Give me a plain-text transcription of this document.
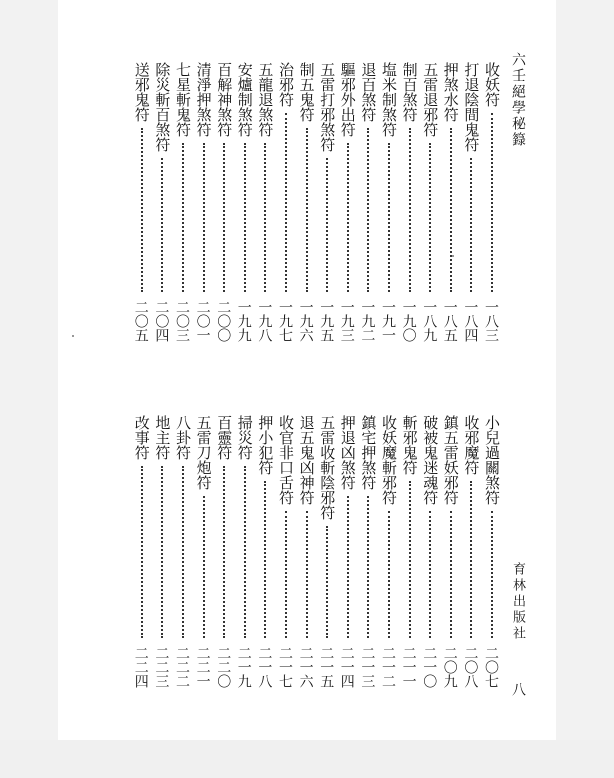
六壬絕學秘籙
收妖符
一八三
打退陰間鬼符
一八四
押煞水符
一八五
五雷退邪符
一八九
制百煞符
一九〇
塩米制煞符
一九一
退百煞符
一九二
驅邪外出符
一九三
五雷打邪煞符
一九五
制五鬼符
一九六
治邪符
一九七
五龍退煞符
一九八
安爐制煞符
一九九
百解神煞符
二〇〇
清淨押煞符
二〇一
七星斬鬼符
二〇三
除災斬百煞符
二〇四
送邪鬼符
二〇五
小兒過關煞符
二〇七
收邪魔符
二〇八
鎮五雷妖邪符
二〇九
破被鬼迷魂符
二一〇
斬邪鬼符
二一一
收妖魔斬邪符
二一二
鎮宅押煞符
二一三
押退凶煞符
二一四
五雷收斬陰邪符
二一五
退五鬼凶神符
二一六
收官非口舌符
二一七
押小犯符
二一八
掃災符
二一九
百靈符
二二〇
五雷刀炮符
二二一
八卦符
二二二
地主符
二二三
改事符
二二四
育林出版社
八
